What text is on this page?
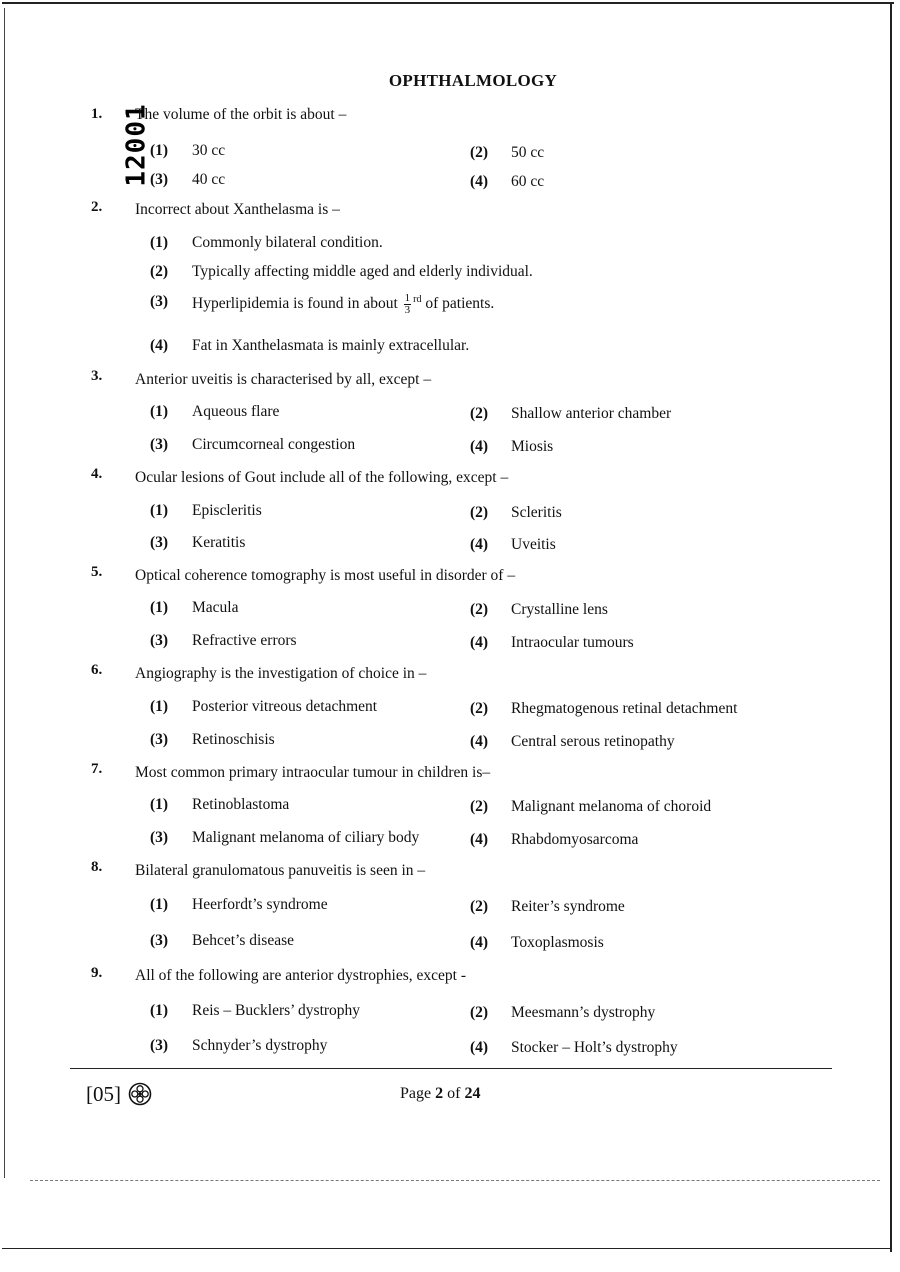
OPHTHALMOLOGY
12001
1. The volume of the orbit is about –
(1) 30 cc	(2) 50 cc
(3) 40 cc	(4) 60 cc
2. Incorrect about Xanthelasma is –
(1) Commonly bilateral condition.
(2) Typically affecting middle aged and elderly individual.
(3) Hyperlipidemia is found in about $\frac{1}{3} ^{rd}$ of patients.
(4) Fat in Xanthelasmata is mainly extracellular.
3. Anterior uveitis is characterised by all, except –
(1) Aqueous flare	(2) Shallow anterior chamber
(3) Circumcorneal congestion	(4) Miosis
4. Ocular lesions of Gout include all of the following, except –
(1) Episcleritis	(2) Scleritis
(3) Keratitis	(4) Uveitis
5. Optical coherence tomography is most useful in disorder of –
(1) Macula	(2) Crystalline lens
(3) Refractive errors	(4) Intraocular tumours
6. Angiography is the investigation of choice in –
(1) Posterior vitreous detachment	(2) Rhegmatogenous retinal detachment
(3) Retinoschisis	(4) Central serous retinopathy
7. Most common primary intraocular tumour in children is–
(1) Retinoblastoma	(2) Malignant melanoma of choroid
(3) Malignant melanoma of ciliary body	(4) Rhabdomyosarcoma
8. Bilateral granulomatous panuveitis is seen in –
(1) Heerfordt’s syndrome	(2) Reiter’s syndrome
(3) Behcet’s disease	(4) Toxoplasmosis
9. All of the following are anterior dystrophies, except -
(1) Reis – Bucklers’ dystrophy	(2) Meesmann’s dystrophy
(3) Schnyder’s dystrophy	(4) Stocker – Holt’s dystrophy
[05]	Page 2 of 24
